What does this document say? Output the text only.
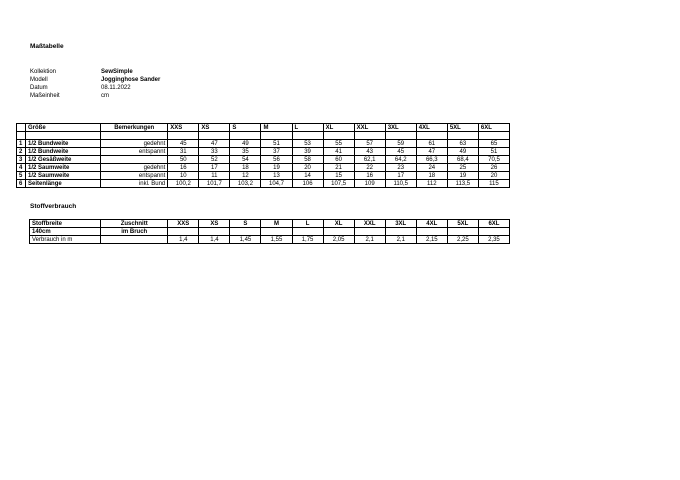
Maßtabelle
Kollektion	SewSimple
Modell	Jogginghose Sander
Datum	08.11.2022
Maßeinheit	cm
	Größe	Bemerkungen	XXS	XS	S	M	L	XL	XXL	3XL	4XL	5XL	6XL

1	1/2 Bundweite	gedehnt	45	47	49	51	53	55	57	59	61	63	65
2	1/2 Bundweite	entspannt	31	33	35	37	39	41	43	45	47	49	51
3	1/2 Gesäßweite		50	52	54	56	58	60	62,1	64,2	66,3	68,4	70,5
4	1/2 Saumweite	gedehnt	16	17	18	19	20	21	22	23	24	25	26
5	1/2 Saumweite	entspannt	10	11	12	13	14	15	16	17	18	19	20
6	Seitenlänge	inkl. Bund	100,2	101,7	103,2	104,7	106	107,5	109	110,5	112	113,5	115
Stoffverbrauch
Stoffbreite	Zuschnitt	XXS	XS	S	M	L	XL	XXL	3XL	4XL	5XL	6XL
140cm	im Bruch											
Verbrauch in m		1,4	1,4	1,45	1,55	1,75	2,05	2,1	2,1	2,15	2,25	2,35
